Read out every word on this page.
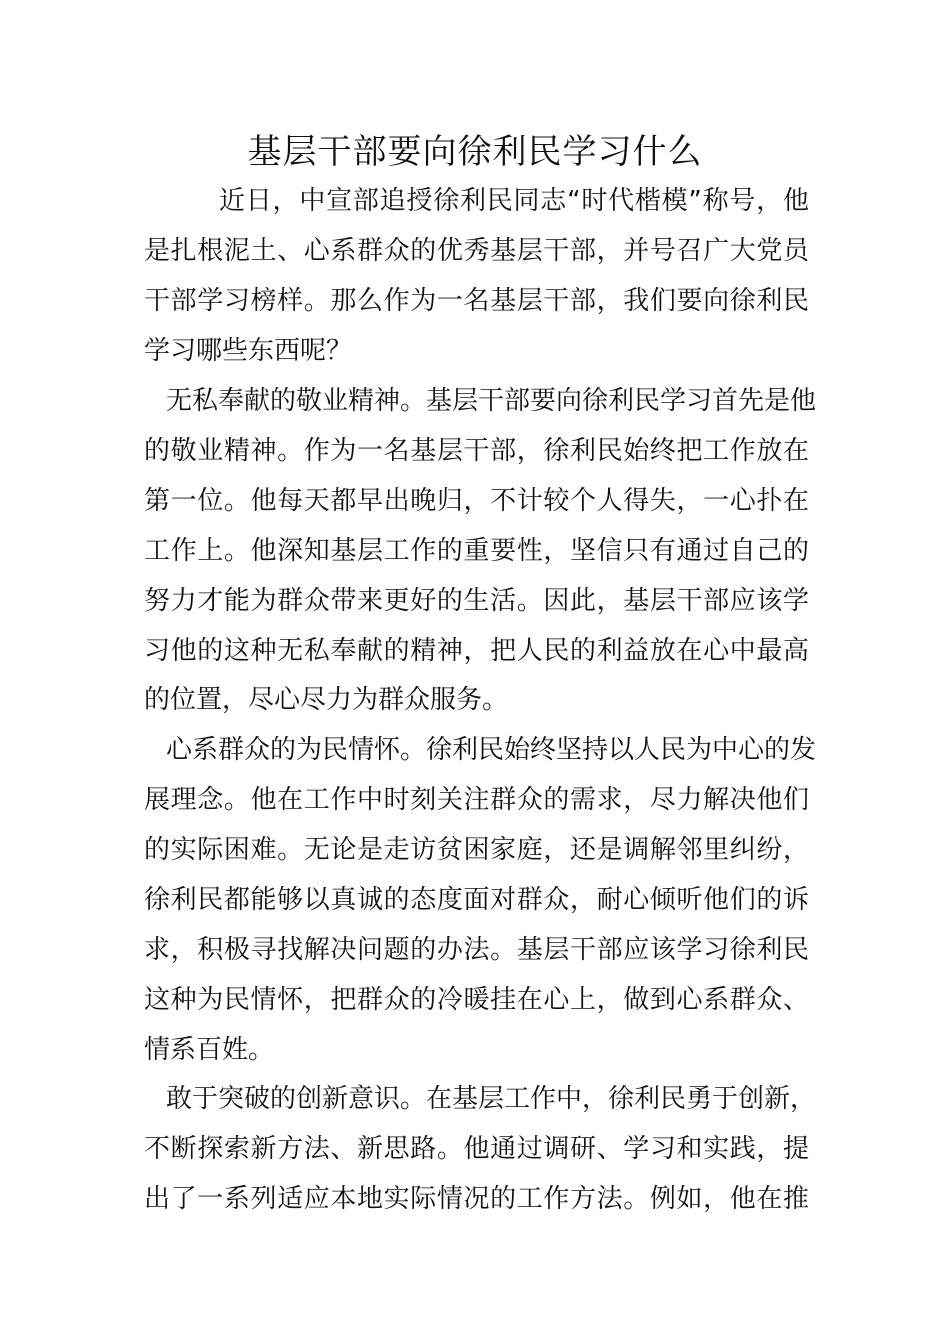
基层干部要向徐利民学习什么

近日，中宣部追授徐利民同志“时代楷模”称号，他

是扎根泥土、心系群众的优秀基层干部，并号召广大党员

干部学习榜样。那么作为一名基层干部，我们要向徐利民

学习哪些东西呢？

无私奉献的敬业精神。基层干部要向徐利民学习首先是他

的敬业精神。作为一名基层干部，徐利民始终把工作放在

第一位。他每天都早出晚归，不计较个人得失，一心扑在

工作上。他深知基层工作的重要性，坚信只有通过自己的

努力才能为群众带来更好的生活。因此，基层干部应该学

习他的这种无私奉献的精神，把人民的利益放在心中最高

的位置，尽心尽力为群众服务。

心系群众的为民情怀。徐利民始终坚持以人民为中心的发

展理念。他在工作中时刻关注群众的需求，尽力解决他们

的实际困难。无论是走访贫困家庭，还是调解邻里纠纷，

徐利民都能够以真诚的态度面对群众，耐心倾听他们的诉

求，积极寻找解决问题的办法。基层干部应该学习徐利民

这种为民情怀，把群众的冷暖挂在心上，做到心系群众、

情系百姓。

敢于突破的创新意识。在基层工作中，徐利民勇于创新，

不断探索新方法、新思路。他通过调研、学习和实践，提

出了一系列适应本地实际情况的工作方法。例如，他在推
